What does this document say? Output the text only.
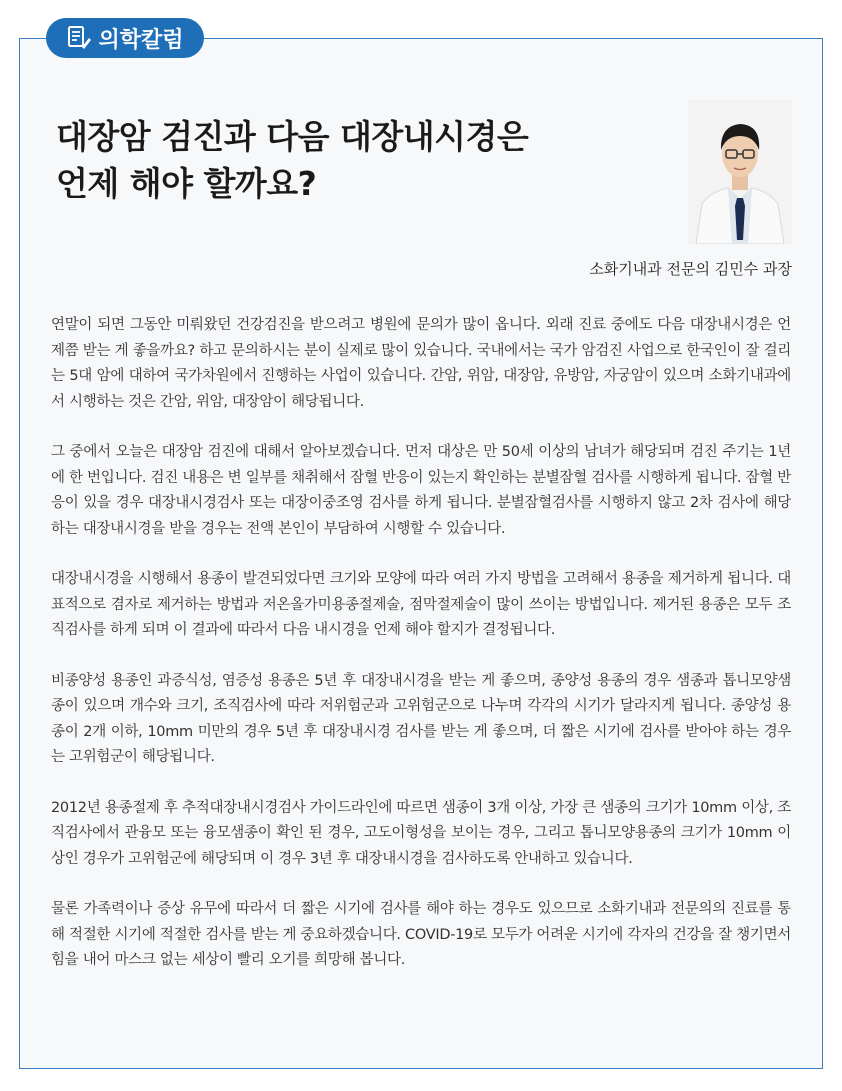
의학칼럼
대장암 검진과 다음 대장내시경은
언제 해야 할까요?
소화기내과 전문의 김민수 과장

연말이 되면 그동안 미뤄왔던 건강검진을 받으려고 병원에 문의가 많이 옵니다. 외래 진료 중에도 다음 대장내시경은 언제쯤 받는 게 좋을까요? 하고 문의하시는 분이 실제로 많이 있습니다. 국내에서는 국가 암검진 사업으로 한국인이 잘 걸리는 5대 암에 대하여 국가차원에서 진행하는 사업이 있습니다. 간암, 위암, 대장암, 유방암, 자궁암이 있으며 소화기내과에서 시행하는 것은 간암, 위암, 대장암이 해당됩니다.

그 중에서 오늘은 대장암 검진에 대해서 알아보겠습니다. 먼저 대상은 만 50세 이상의 남녀가 해당되며 검진 주기는 1년에 한 번입니다. 검진 내용은 변 일부를 채취해서 잠혈 반응이 있는지 확인하는 분별잠혈 검사를 시행하게 됩니다. 잠혈 반응이 있을 경우 대장내시경검사 또는 대장이중조영 검사를 하게 됩니다. 분별잠혈검사를 시행하지 않고 2차 검사에 해당하는 대장내시경을 받을 경우는 전액 본인이 부담하여 시행할 수 있습니다.

대장내시경을 시행해서 용종이 발견되었다면 크기와 모양에 따라 여러 가지 방법을 고려해서 용종을 제거하게 됩니다. 대표적으로 겸자로 제거하는 방법과 저온올가미용종절제술, 점막절제술이 많이 쓰이는 방법입니다. 제거된 용종은 모두 조직검사를 하게 되며 이 결과에 따라서 다음 내시경을 언제 해야 할지가 결정됩니다.

비종양성 용종인 과증식성, 염증성 용종은 5년 후 대장내시경을 받는 게 좋으며, 종양성 용종의 경우 샘종과 톱니모양샘종이 있으며 개수와 크기, 조직검사에 따라 저위험군과 고위험군으로 나누며 각각의 시기가 달라지게 됩니다. 종양성 용종이 2개 이하, 10mm 미만의 경우 5년 후 대장내시경 검사를 받는 게 좋으며, 더 짧은 시기에 검사를 받아야 하는 경우는 고위험군이 해당됩니다.

2012년 용종절제 후 추적대장내시경검사 가이드라인에 따르면 샘종이 3개 이상, 가장 큰 샘종의 크기가 10mm 이상, 조직검사에서 관융모 또는 융모샘종이 확인 된 경우, 고도이형성을 보이는 경우, 그리고 톱니모양용종의 크기가 10mm 이상인 경우가 고위험군에 해당되며 이 경우 3년 후 대장내시경을 검사하도록 안내하고 있습니다.

물론 가족력이나 증상 유무에 따라서 더 짧은 시기에 검사를 해야 하는 경우도 있으므로 소화기내과 전문의의 진료를 통해 적절한 시기에 적절한 검사를 받는 게 중요하겠습니다. COVID-19로 모두가 어려운 시기에 각자의 건강을 잘 챙기면서 힘을 내어 마스크 없는 세상이 빨리 오기를 희망해 봅니다.
